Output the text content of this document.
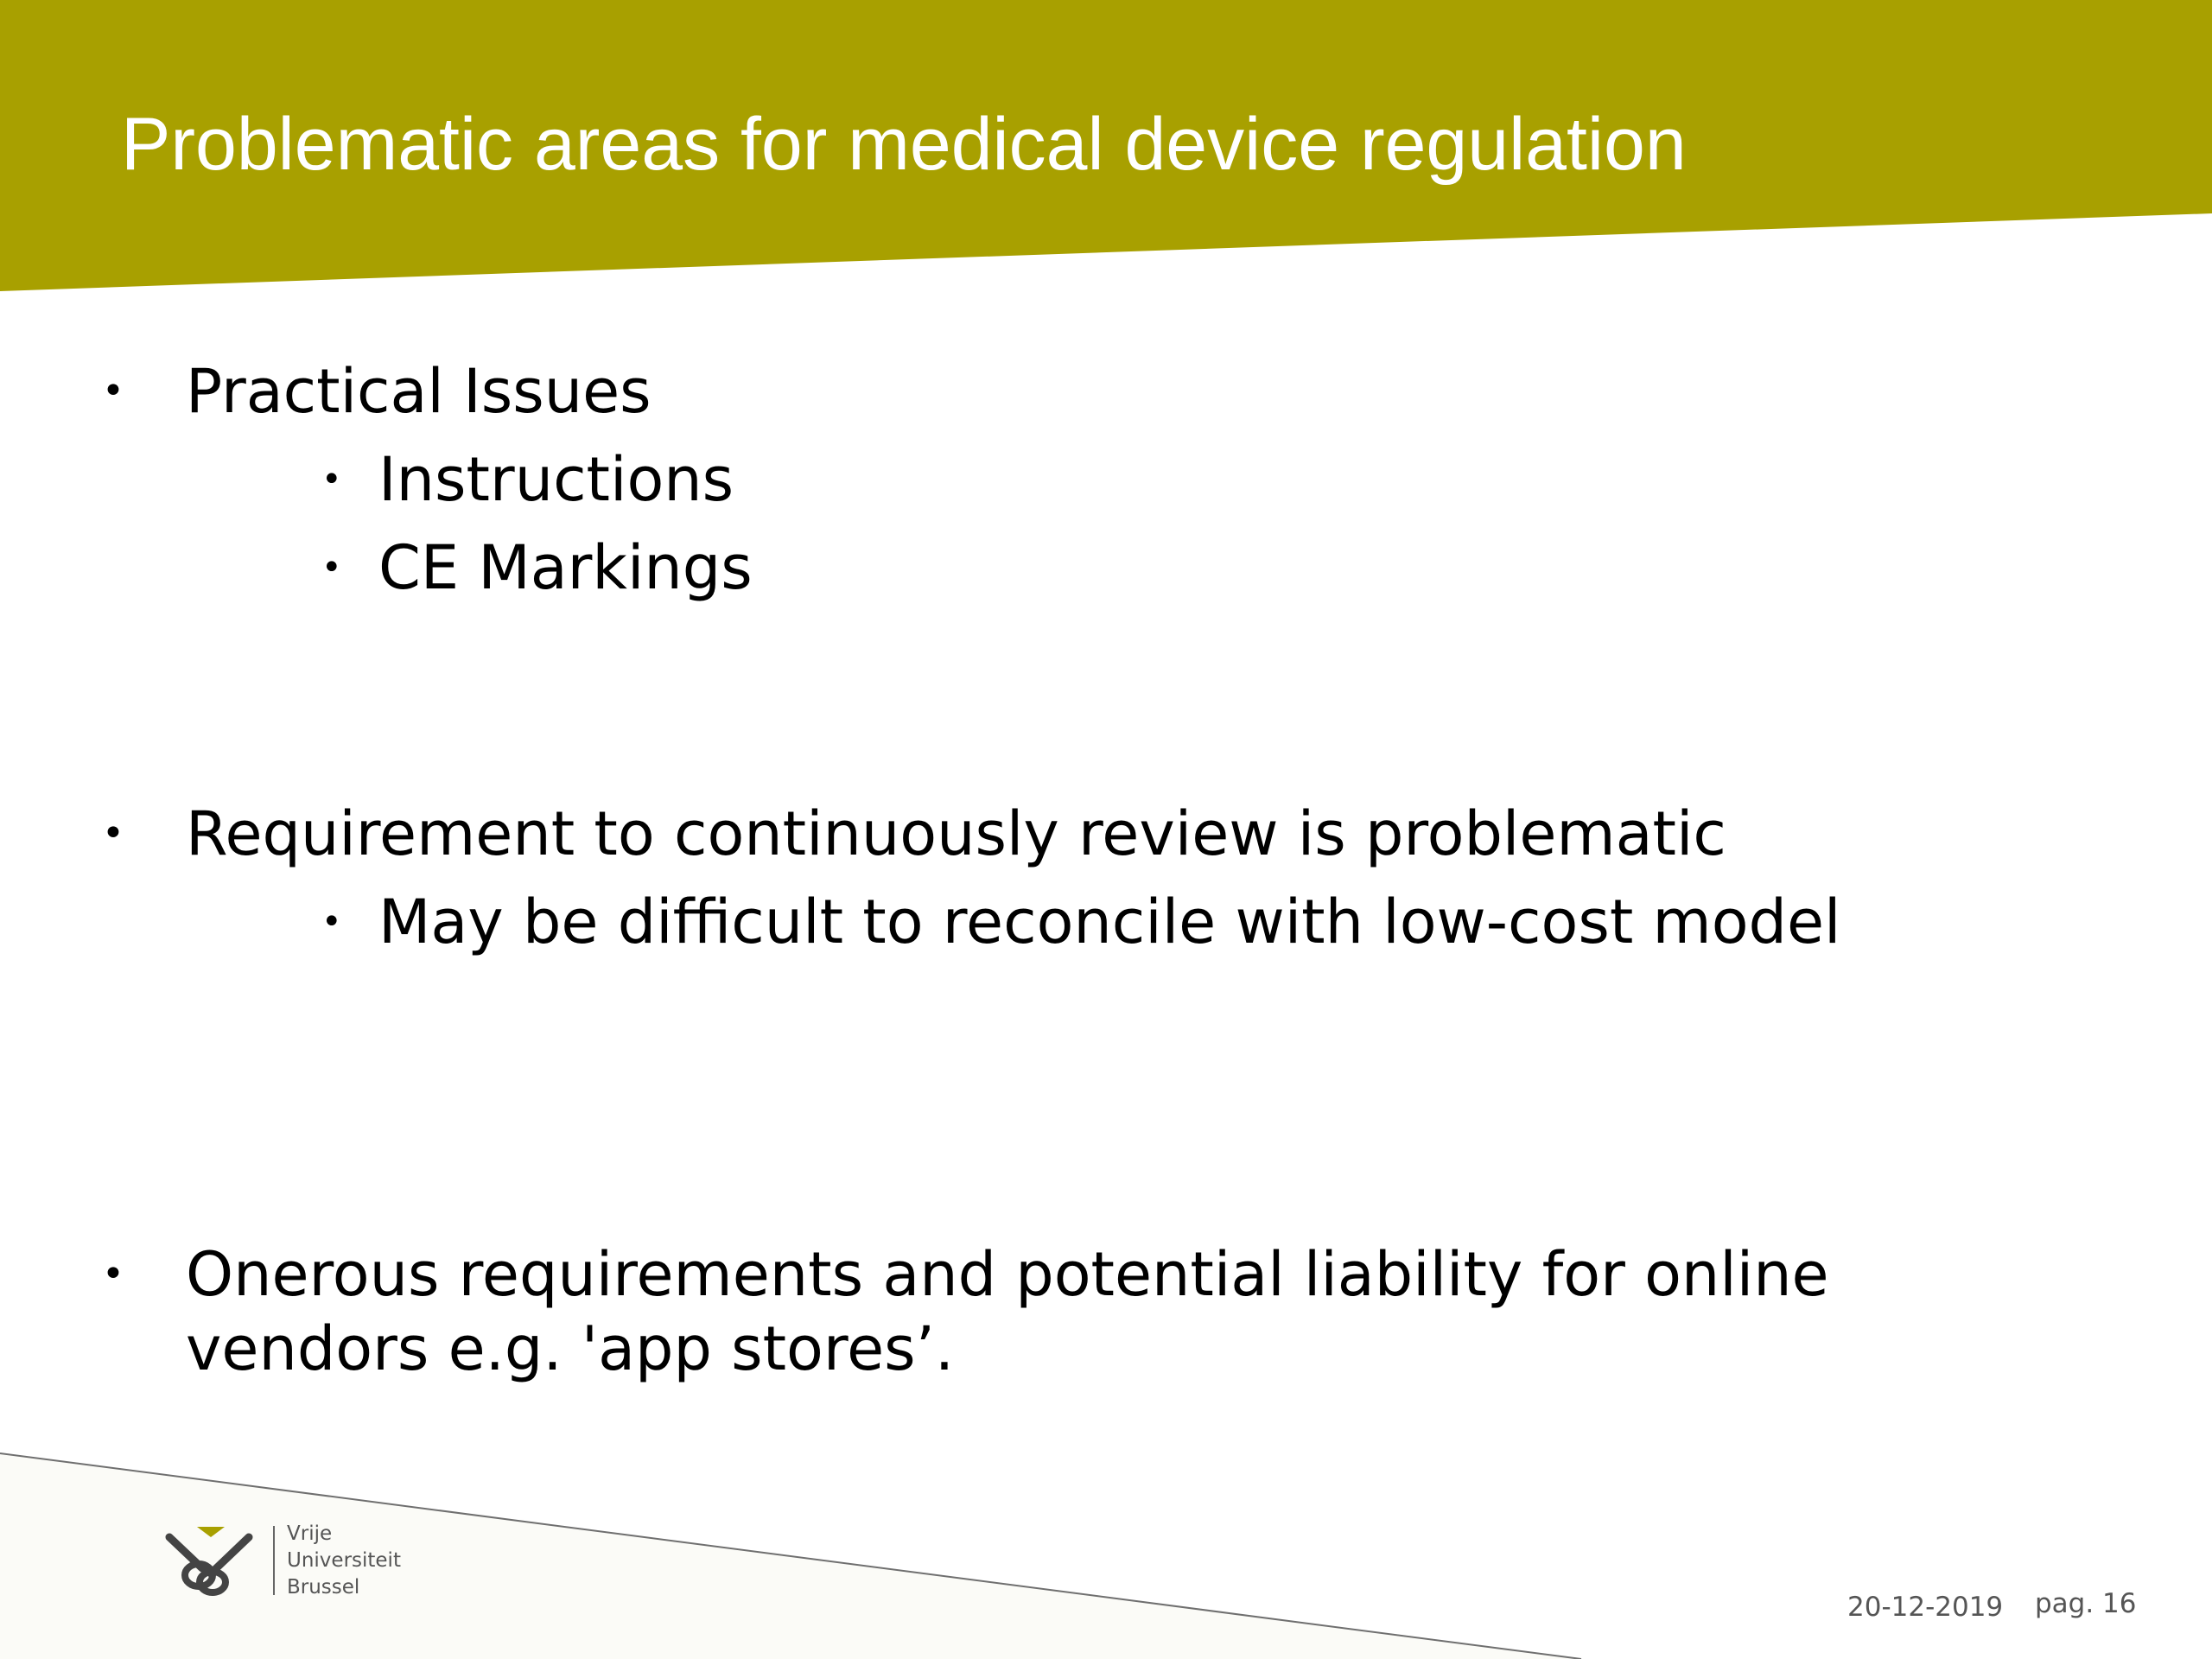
Problematic areas for medical device regulation
• Practical Issues
• Instructions
• CE Markings
• Requirement to continuously review is problematic
• May be difficult to reconcile with low-cost model
• Onerous requirements and potential liability for online
vendors e.g. 'app stores’.
Vrije
Universiteit
Brussel
20-12-2019 pag. 16
